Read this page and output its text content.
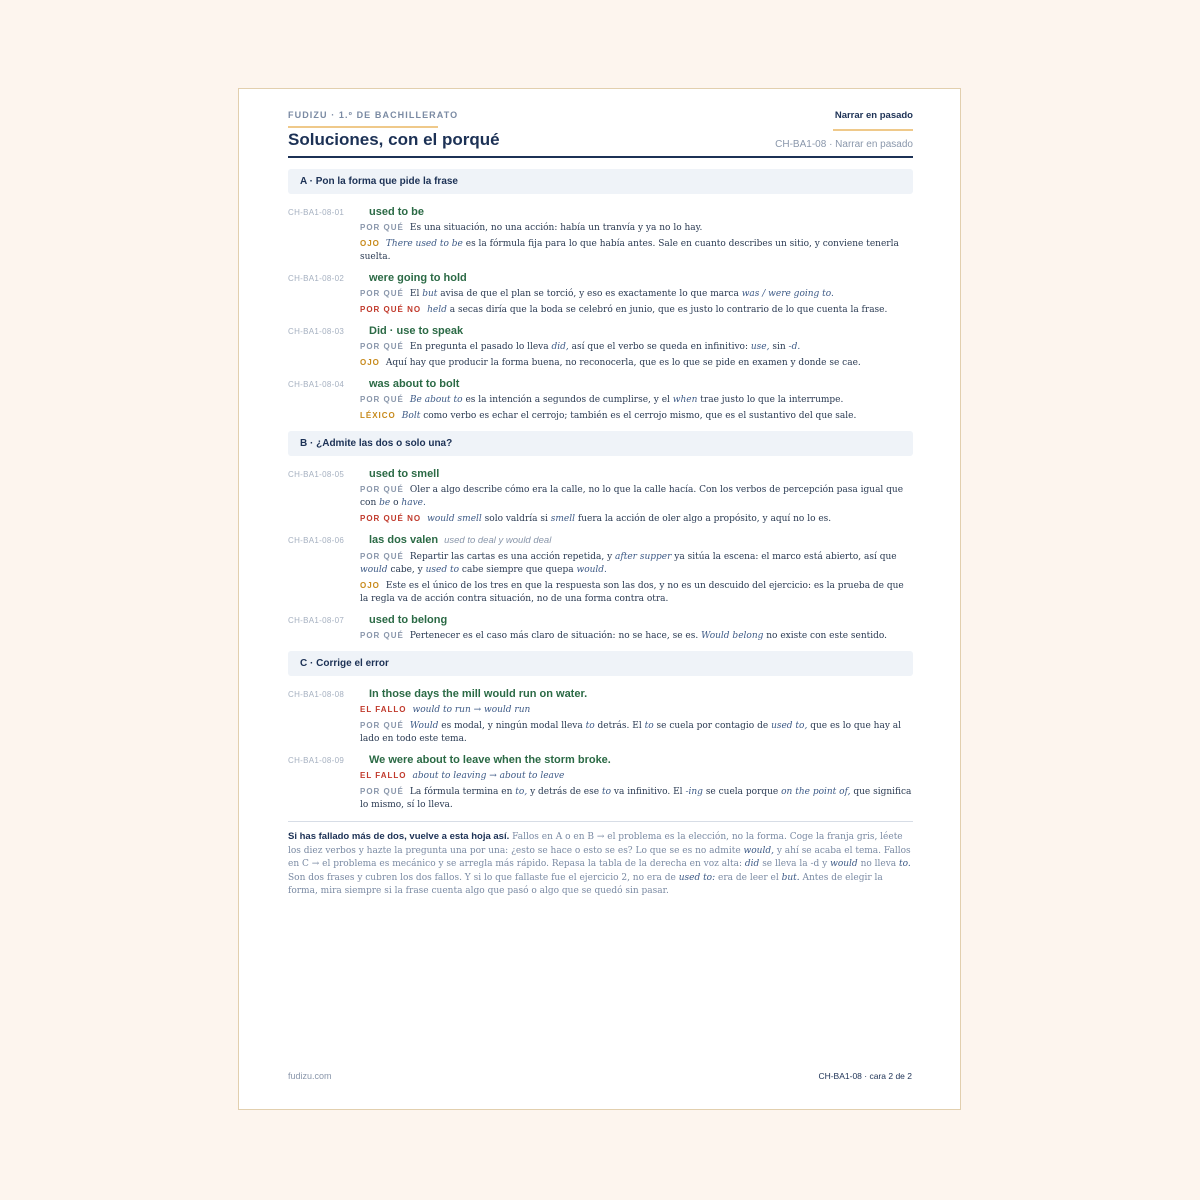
FUDIZU · 1.º DE BACHILLERATO	Narrar en pasado
Soluciones, con el porqué	CH-BA1-08 · Narrar en pasado
A · Pon la forma que pide la frase
CH-BA1-08-01	used to be
POR QUÉ Es una situación, no una acción: había un tranvía y ya no lo hay.
OJO There used to be es la fórmula fija para lo que había antes. Sale en cuanto describes un sitio, y conviene tenerla suelta.
CH-BA1-08-02	were going to hold
POR QUÉ El but avisa de que el plan se torció, y eso es exactamente lo que marca was / were going to.
POR QUÉ NO held a secas diría que la boda se celebró en junio, que es justo lo contrario de lo que cuenta la frase.
CH-BA1-08-03	Did · use to speak
POR QUÉ En pregunta el pasado lo lleva did, así que el verbo se queda en infinitivo: use, sin -d.
OJO Aquí hay que producir la forma buena, no reconocerla, que es lo que se pide en examen y donde se cae.
CH-BA1-08-04	was about to bolt
POR QUÉ Be about to es la intención a segundos de cumplirse, y el when trae justo lo que la interrumpe.
LÉXICO Bolt como verbo es echar el cerrojo; también es el cerrojo mismo, que es el sustantivo del que sale.
B · ¿Admite las dos o solo una?
CH-BA1-08-05	used to smell
POR QUÉ Oler a algo describe cómo era la calle, no lo que la calle hacía. Con los verbos de percepción pasa igual que con be o have.
POR QUÉ NO would smell solo valdría si smell fuera la acción de oler algo a propósito, y aquí no lo es.
CH-BA1-08-06	las dos valen used to deal y would deal
POR QUÉ Repartir las cartas es una acción repetida, y after supper ya sitúa la escena: el marco está abierto, así que would cabe, y used to cabe siempre que quepa would.
OJO Este es el único de los tres en que la respuesta son las dos, y no es un descuido del ejercicio: es la prueba de que la regla va de acción contra situación, no de una forma contra otra.
CH-BA1-08-07	used to belong
POR QUÉ Pertenecer es el caso más claro de situación: no se hace, se es. Would belong no existe con este sentido.
C · Corrige el error
CH-BA1-08-08	In those days the mill would run on water.
EL FALLO would to run → would run
POR QUÉ Would es modal, y ningún modal lleva to detrás. El to se cuela por contagio de used to, que es lo que hay al lado en todo este tema.
CH-BA1-08-09	We were about to leave when the storm broke.
EL FALLO about to leaving → about to leave
POR QUÉ La fórmula termina en to, y detrás de ese to va infinitivo. El -ing se cuela porque on the point of, que significa lo mismo, sí lo lleva.
Si has fallado más de dos, vuelve a esta hoja así. Fallos en A o en B → el problema es la elección, no la forma. Coge la franja gris, léete los diez verbos y hazte la pregunta una por una: ¿esto se hace o esto se es? Lo que se es no admite would, y ahí se acaba el tema. Fallos en C → el problema es mecánico y se arregla más rápido. Repasa la tabla de la derecha en voz alta: did se lleva la -d y would no lleva to. Son dos frases y cubren los dos fallos. Y si lo que fallaste fue el ejercicio 2, no era de used to: era de leer el but. Antes de elegir la forma, mira siempre si la frase cuenta algo que pasó o algo que se quedó sin pasar.
fudizu.com	CH-BA1-08 · cara 2 de 2
